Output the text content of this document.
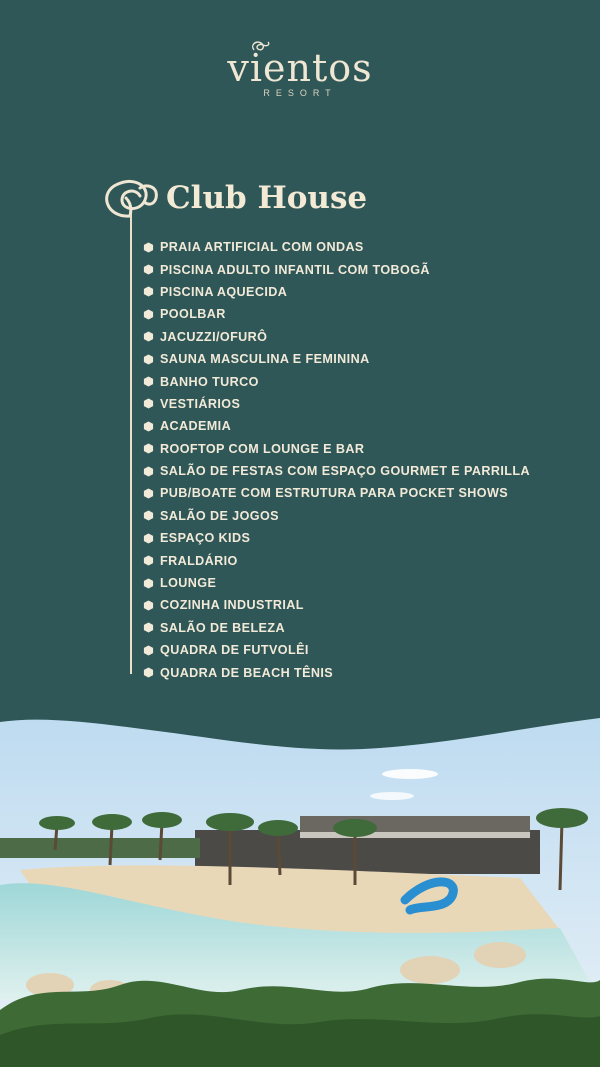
vientos
RESORT
Club House
PRAIA ARTIFICIAL COM ONDAS
PISCINA ADULTO INFANTIL COM TOBOGÃ
PISCINA AQUECIDA
POOLBAR
JACUZZI/OFURÔ
SAUNA MASCULINA E FEMININA
BANHO TURCO
VESTIÁRIOS
ACADEMIA
ROOFTOP COM LOUNGE E BAR
SALÃO DE FESTAS COM ESPAÇO GOURMET E PARRILLA
PUB/BOATE COM ESTRUTURA PARA POCKET SHOWS
SALÃO DE JOGOS
ESPAÇO KIDS
FRALDÁRIO
LOUNGE
COZINHA INDUSTRIAL
SALÃO DE BELEZA
QUADRA DE FUTVOLÊI
QUADRA DE BEACH TÊNIS
